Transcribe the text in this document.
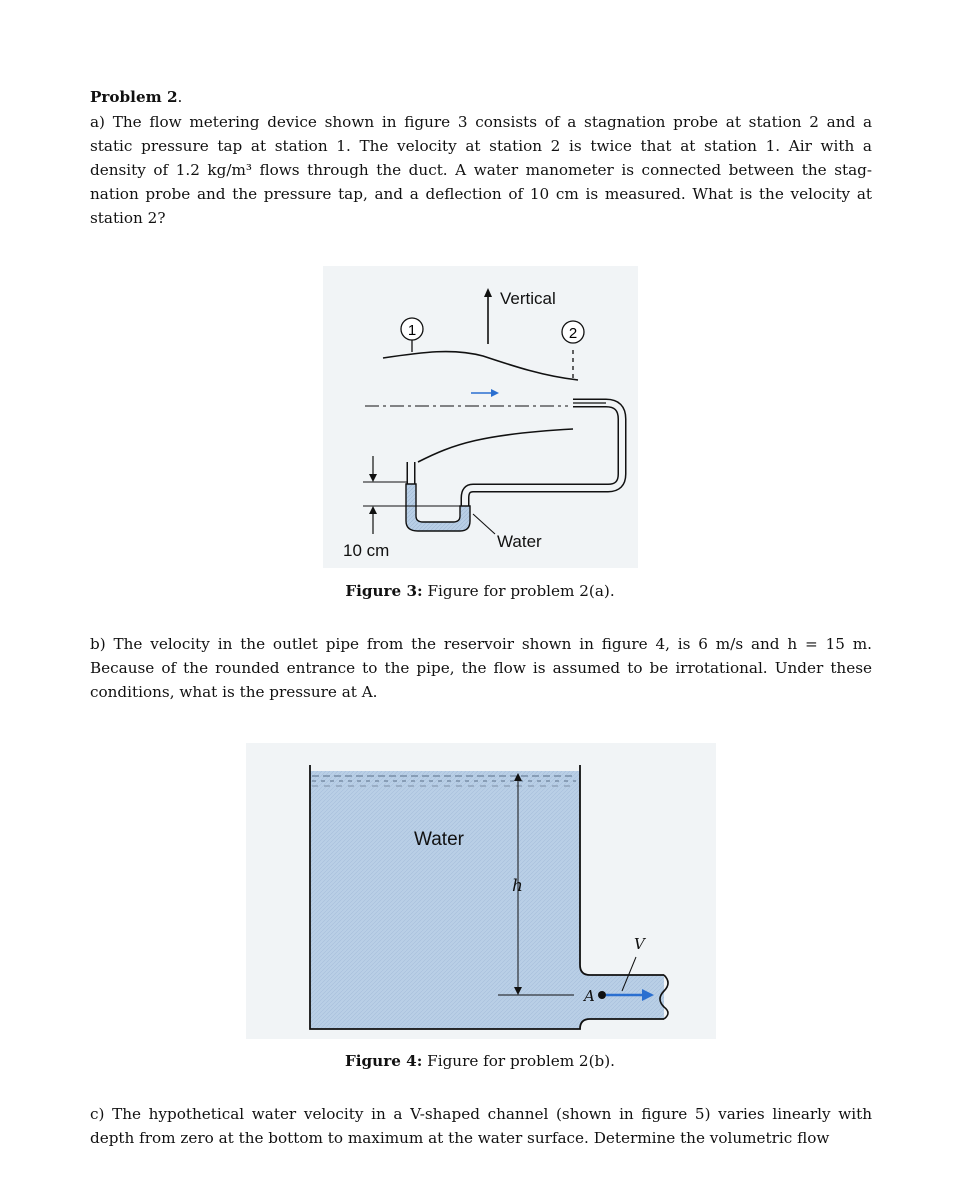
Problem 2.
a) The flow metering device shown in figure 3 consists of a stagnation probe at station 2 and a
static pressure tap at station 1. The velocity at station 2 is twice that at station 1. Air with a
density of 1.2 kg/m³ flows through the duct. A water manometer is connected between the stag-
nation probe and the pressure tap, and a deflection of 10 cm is measured. What is the velocity at
station 2?
Vertical
1	2
10 cm	Water
Figure 3: Figure for problem 2(a).
b) The velocity in the outlet pipe from the reservoir shown in figure 4, is 6 m/s and h = 15 m.
Because of the rounded entrance to the pipe, the flow is assumed to be irrotational. Under these
conditions, what is the pressure at A.
h
Water
A
V
Figure 4: Figure for problem 2(b).
c) The hypothetical water velocity in a V-shaped channel (shown in figure 5) varies linearly with
depth from zero at the bottom to maximum at the water surface. Determine the volumetric flow
